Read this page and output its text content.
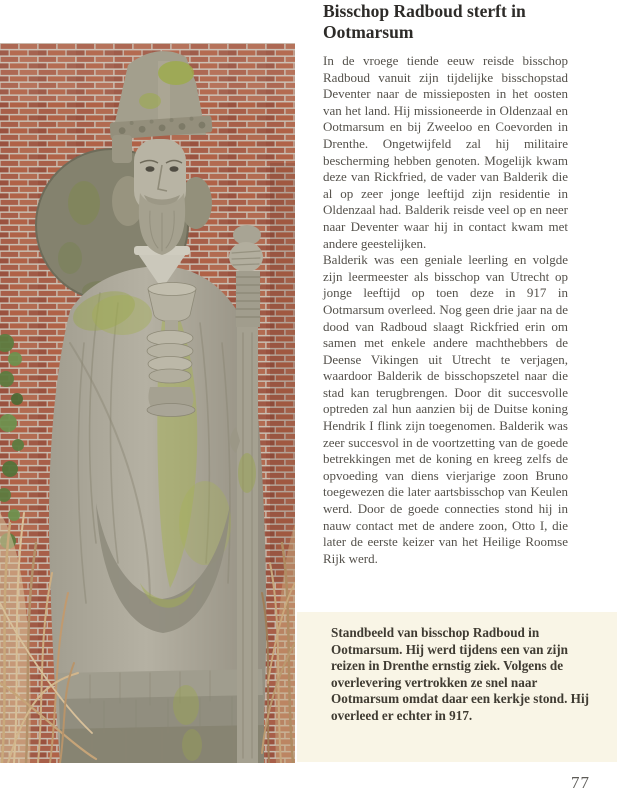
Bisschop Radboud sterft in Ootmarsum

In de vroege tiende eeuw reisde bisschop Radboud vanuit zijn tijdelijke bisschopstad Deventer naar de missieposten in het oosten van het land. Hij missioneerde in Oldenzaal en Ootmarsum en bij Zweeloo en Coevorden in Drenthe. Ongetwijfeld zal hij militaire bescherming hebben genoten. Mogelijk kwam deze van Rickfried, de vader van Balderik die al op zeer jonge leeftijd zijn residentie in Oldenzaal had. Balderik reisde veel op en neer naar Deventer waar hij in contact kwam met andere geestelijken.

Balderik was een geniale leerling en volgde zijn leermeester als bisschop van Utrecht op jonge leeftijd op toen deze in 917 in Ootmarsum overleed. Nog geen drie jaar na de dood van Radboud slaagt Rickfried erin om samen met enkele andere machthebbers de Deense Vikingen uit Utrecht te verjagen, waardoor Balderik de bisschopszetel naar die stad kan terugbrengen. Door dit succesvolle optreden zal hun aanzien bij de Duitse koning Hendrik I flink zijn toegenomen. Balderik was zeer succesvol in de voortzetting van de goede betrekkingen met de koning en kreeg zelfs de opvoeding van diens vierjarige zoon Bruno toegewezen die later aartsbisschop van Keulen werd. Door de goede connecties stond hij in nauw contact met de andere zoon, Otto I, die later de eerste keizer van het Heilige Roomse Rijk werd.

Standbeeld van bisschop Radboud in Ootmarsum. Hij werd tijdens een van zijn reizen in Drenthe ernstig ziek. Volgens de overlevering vertrokken ze snel naar Ootmarsum omdat daar een kerkje stond. Hij overleed er echter in 917.

77
